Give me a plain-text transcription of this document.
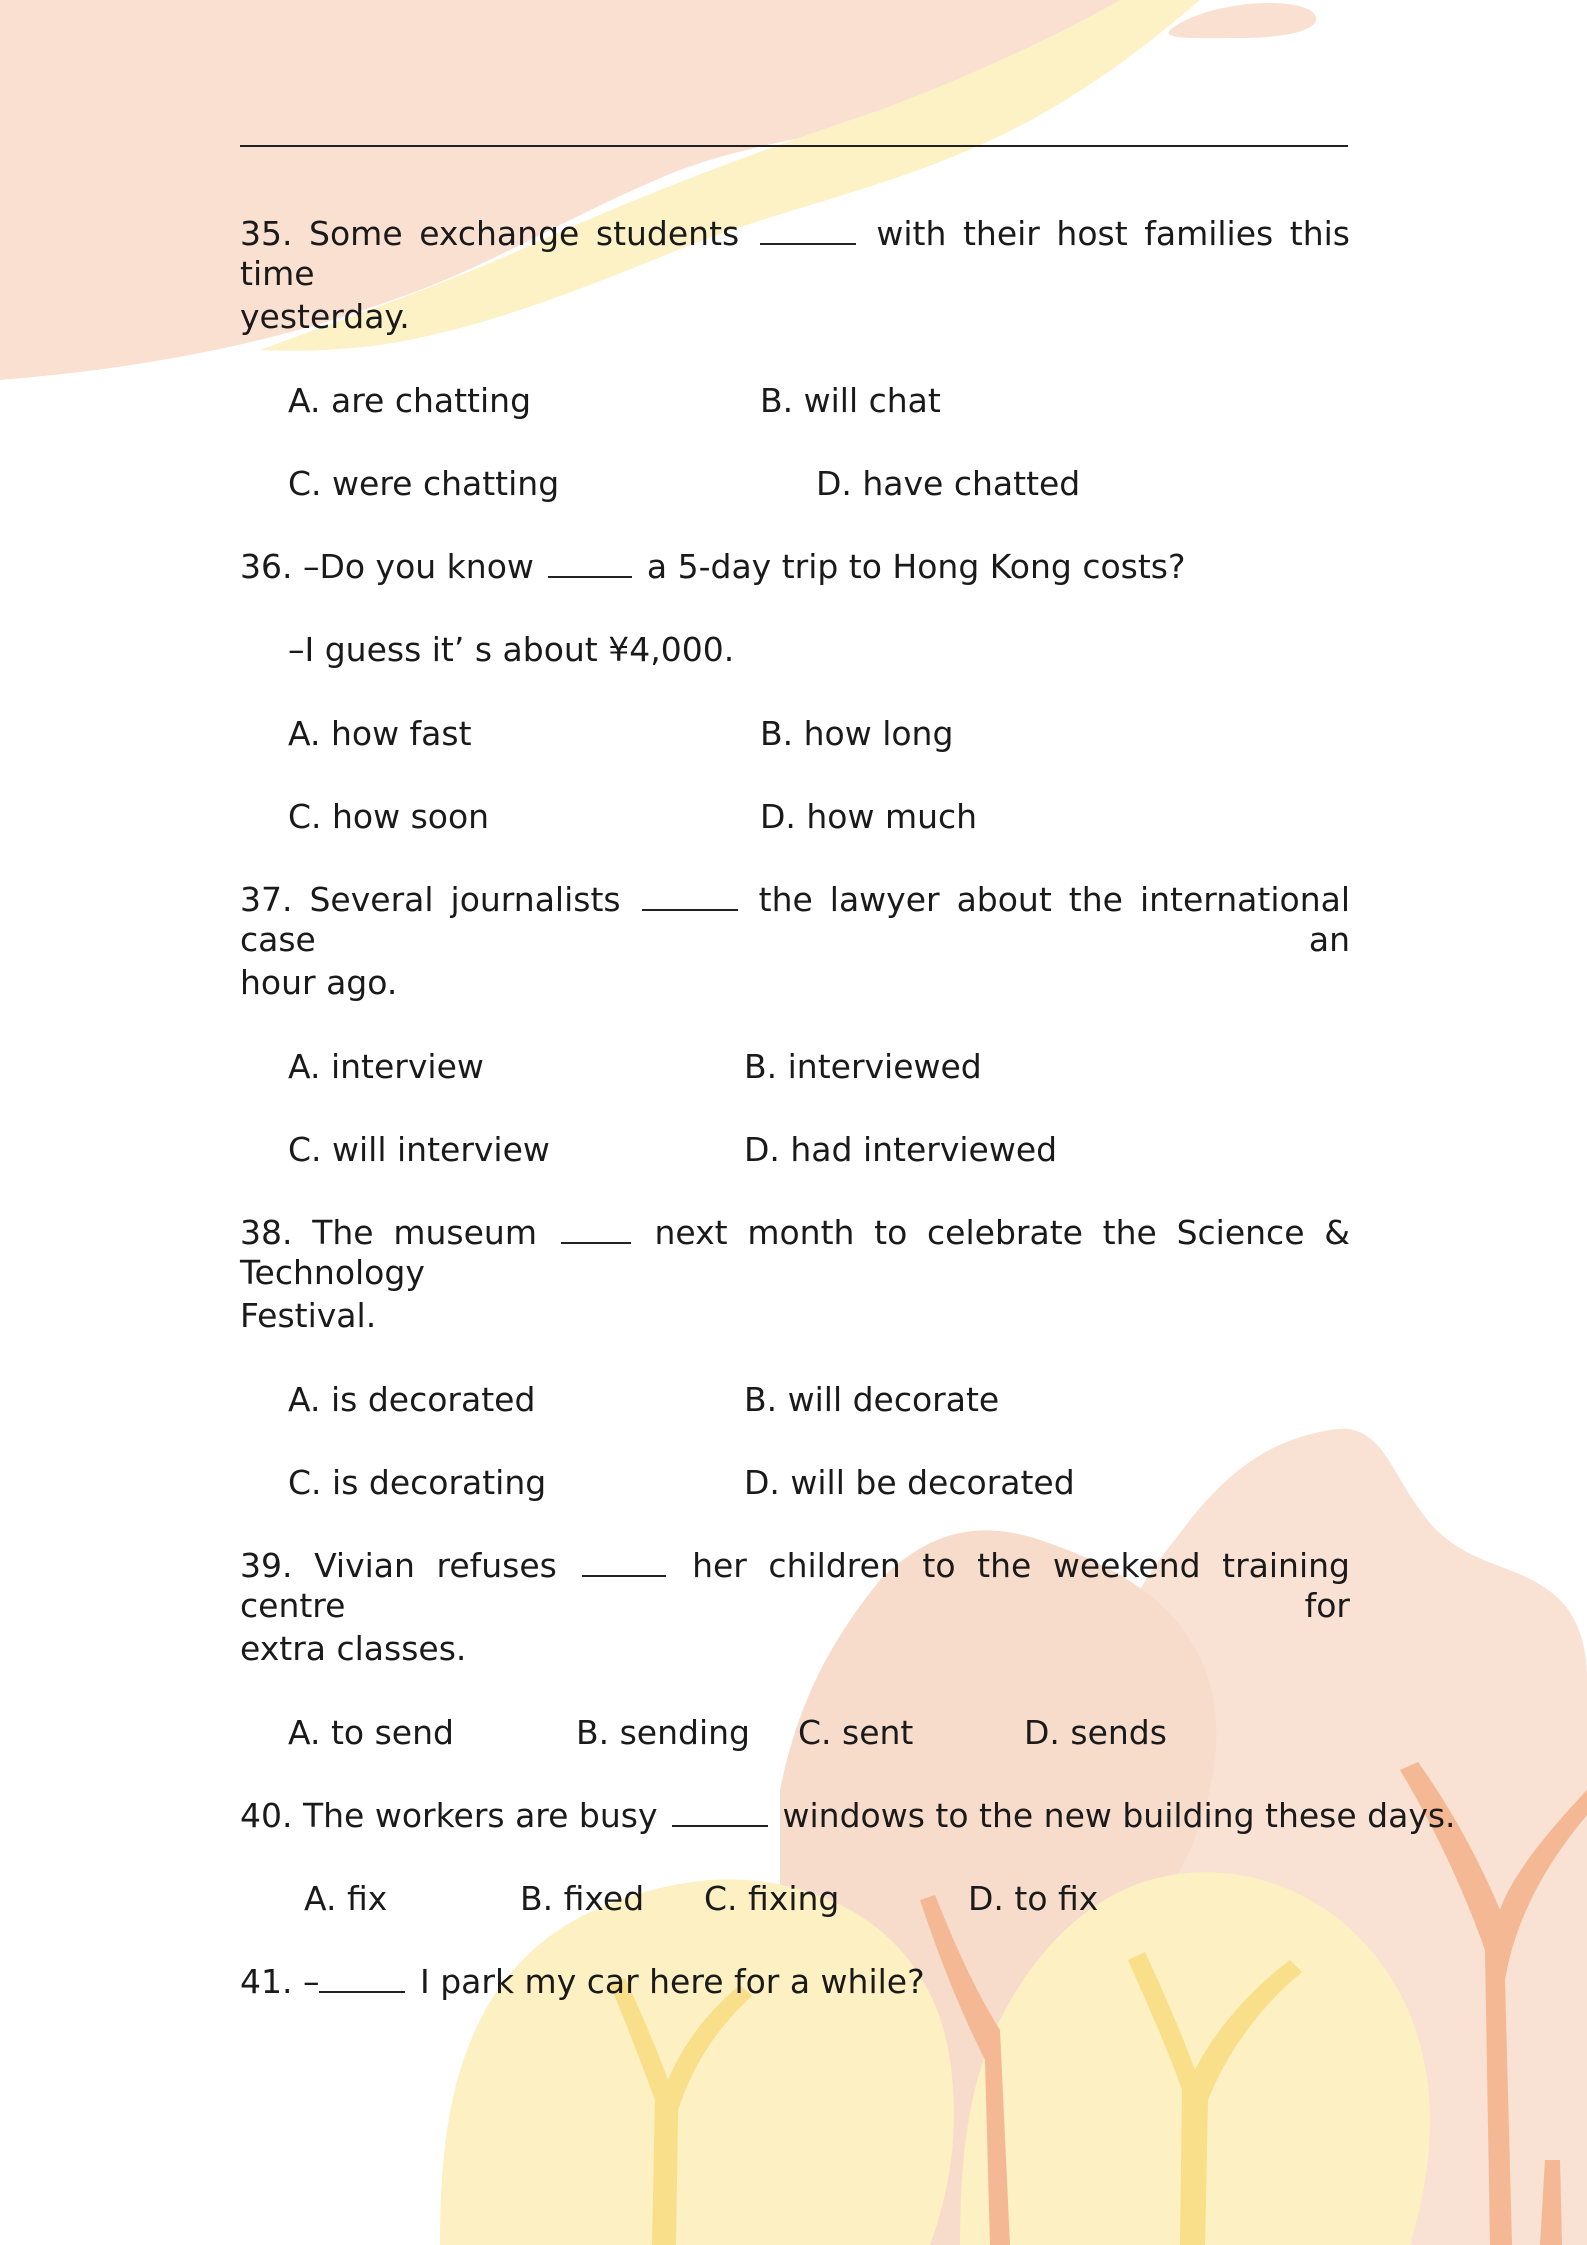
35. Some exchange students	with their host families this time
yesterday.
A. are chatting	B. will chat
C. were chatting	D. have chatted
36. –Do you know	a 5-day trip to Hong Kong costs?
–I guess it’ s about ¥4,000.
A. how fast	B. how long
C. how soon	D. how much
37. Several journalists	the lawyer about the international case an
hour ago.
A. interview	B. interviewed
C. will interview	D. had interviewed
38. The museum	next month to celebrate the Science & Technology
Festival.
A. is decorated	B. will decorate
C. is decorating	D. will be decorated
39. Vivian refuses	her children to the weekend training centre for
extra classes.
A. to send	B. sending C. sent	D. sends
40. The workers are busy	windows to the new building these days.
A. fix	B. fixed C. fixing	D. to fix
41. –	I park my car here for a while?
